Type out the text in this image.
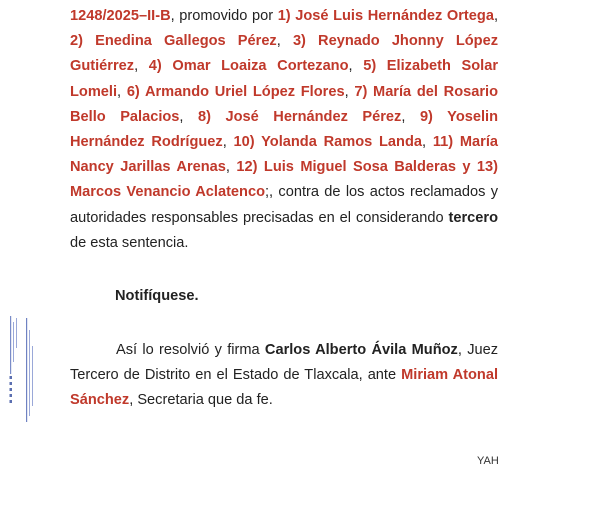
1248/2025–II-B, promovido por 1) José Luis Hernández Ortega, 2) Enedina Gallegos Pérez, 3) Reynado Jhonny López Gutiérrez, 4) Omar Loaiza Cortezano, 5) Elizabeth Solar Lomeli, 6) Armando Uriel López Flores, 7) María del Rosario Bello Palacios, 8) José Hernández Pérez, 9) Yoselin Hernández Rodríguez, 10) Yolanda Ramos Landa, 11) María Nancy Jarillas Arenas, 12) Luis Miguel Sosa Balderas y 13) Marcos Venancio Aclatenco;, contra de los actos reclamados y autoridades responsables precisadas en el considerando tercero de esta sentencia.

Notifíquese.

Así lo resolvió y firma Carlos Alberto Ávila Muñoz, Juez Tercero de Distrito en el Estado de Tlaxcala, ante Miriam Atonal Sánchez, Secretaria que da fe.

YAH
